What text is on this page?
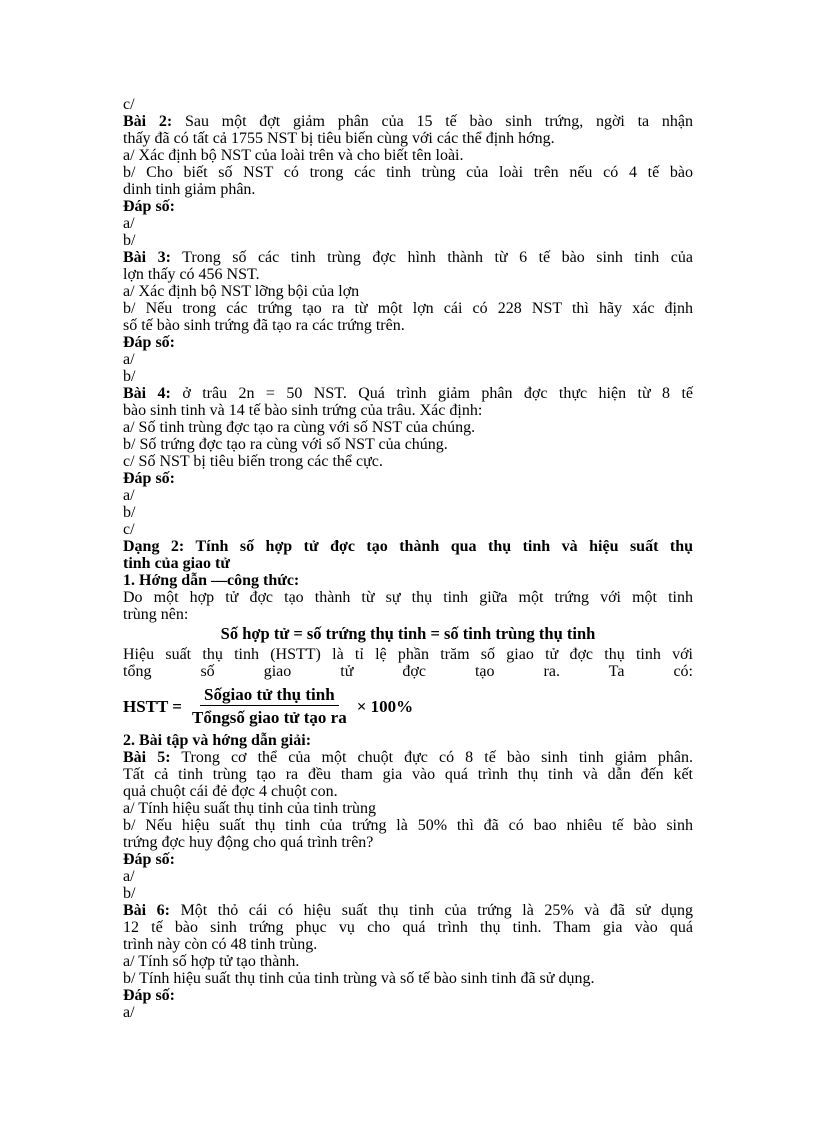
c/
Bài 2: Sau một đợt giảm phân của 15 tế bào sinh trứng, ngời ta nhận
thấy đã có tất cả 1755 NST bị tiêu biến cùng với các thể định hớng.
a/ Xác định bộ NST của loài trên và cho biết tên loài.
b/ Cho biết số NST có trong các tinh trùng của loài trên nếu có 4 tế bào
dinh tinh giảm phân.
Đáp số:
a/
b/
Bài 3: Trong số các tinh trùng đợc hình thành từ 6 tế bào sinh tinh của
lợn thấy có 456 NST.
a/ Xác định bộ NST lỡng bội của lợn
b/ Nếu trong các trứng tạo ra từ một lợn cái có 228 NST thì hãy xác định
số tế bào sinh trứng đã tạo ra các trứng trên.
Đáp số:
a/
b/
Bài 4: ở trâu 2n = 50 NST. Quá trình giảm phân đợc thực hiện từ 8 tế
bào sinh tinh và 14 tế bào sinh trứng của trâu. Xác định:
a/ Số tinh trùng đợc tạo ra cùng với số NST của chúng.
b/ Số trứng đợc tạo ra cùng với số NST của chúng.
c/ Số NST bị tiêu biến trong các thể cực.
Đáp số:
a/
b/
c/
Dạng 2: Tính số hợp tử đợc tạo thành qua thụ tinh và hiệu suất thụ
tinh của giao tử
1. Hớng dẫn —công thức:
Do một hợp tử đợc tạo thành từ sự thụ tinh giữa một trứng với một tinh
trùng nên:
Số hợp tử = số trứng thụ tinh = số tinh trùng thụ tinh
Hiệu suất thụ tinh (HSTT) là tỉ lệ phần trăm số giao tử đợc thụ tinh với
tổng số giao tử đợc tạo ra. Ta có:
HSTT = $\frac{\text{Sốgiao tử thụ tinh}}{\text{Tổngsố giao tử tạo ra}} \times 100\%$
2. Bài tập và hớng dẫn giải:
Bài 5: Trong cơ thể của một chuột đực có 8 tế bào sinh tinh giảm phân.
Tất cả tinh trùng tạo ra đều tham gia vào quá trình thụ tinh và dẫn đến kết
quả chuột cái đẻ đợc 4 chuột con.
a/ Tính hiệu suất thụ tinh của tinh trùng
b/ Nếu hiệu suất thụ tinh của trứng là 50% thì đã có bao nhiêu tế bào sinh
trứng đợc huy động cho quá trình trên?
Đáp số:
a/
b/
Bài 6: Một thỏ cái có hiệu suất thụ tinh của trứng là 25% và đã sử dụng
12 tế bào sinh trứng phục vụ cho quá trình thụ tinh. Tham gia vào quá
trình này còn có 48 tinh trùng.
a/ Tính số hợp tử tạo thành.
b/ Tính hiệu suất thụ tinh của tinh trùng và số tế bào sinh tinh đã sử dụng.
Đáp số:
a/
